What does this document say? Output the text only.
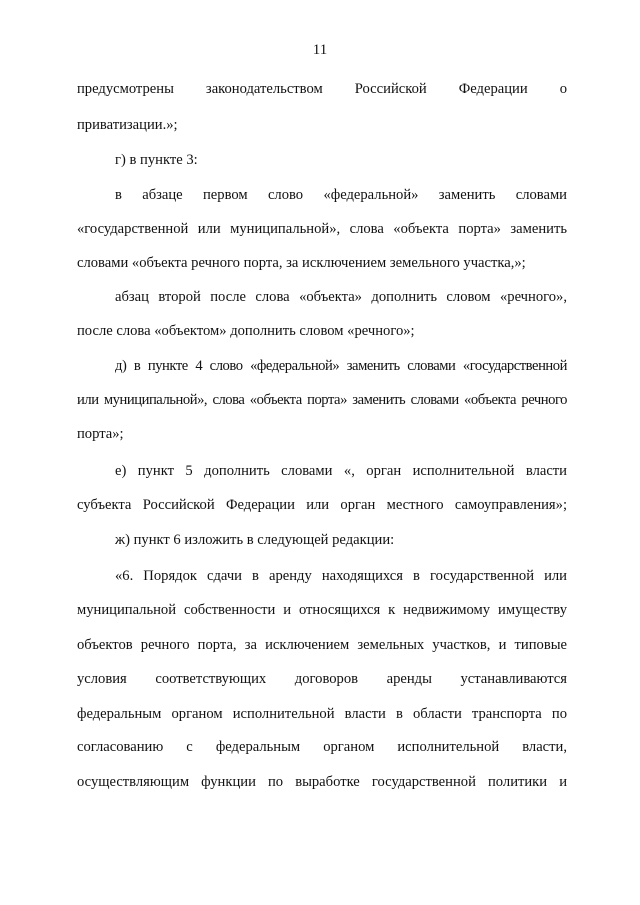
11
предусмотрены законодательством Российской Федерации о
приватизации.»;
г) в пункте 3:
в абзаце первом слово «федеральной» заменить словами
«государственной или муниципальной», слова «объекта порта» заменить
словами «объекта речного порта, за исключением земельного участка,»;
абзац второй после слова «объекта» дополнить словом «речного»,
после слова «объектом» дополнить словом «речного»;
д) в пункте 4 слово «федеральной» заменить словами «государственной
или муниципальной», слова «объекта порта» заменить словами «объекта речного
порта»;
е) пункт 5 дополнить словами «, орган исполнительной власти
субъекта Российской Федерации или орган местного самоуправления»;
ж) пункт 6 изложить в следующей редакции:
«6. Порядок сдачи в аренду находящихся в государственной или
муниципальной собственности и относящихся к недвижимому имуществу
объектов речного порта, за исключением земельных участков, и типовые
условия соответствующих договоров аренды устанавливаются
федеральным органом исполнительной власти в области транспорта по
согласованию с федеральным органом исполнительной власти,
осуществляющим функции по выработке государственной политики и
